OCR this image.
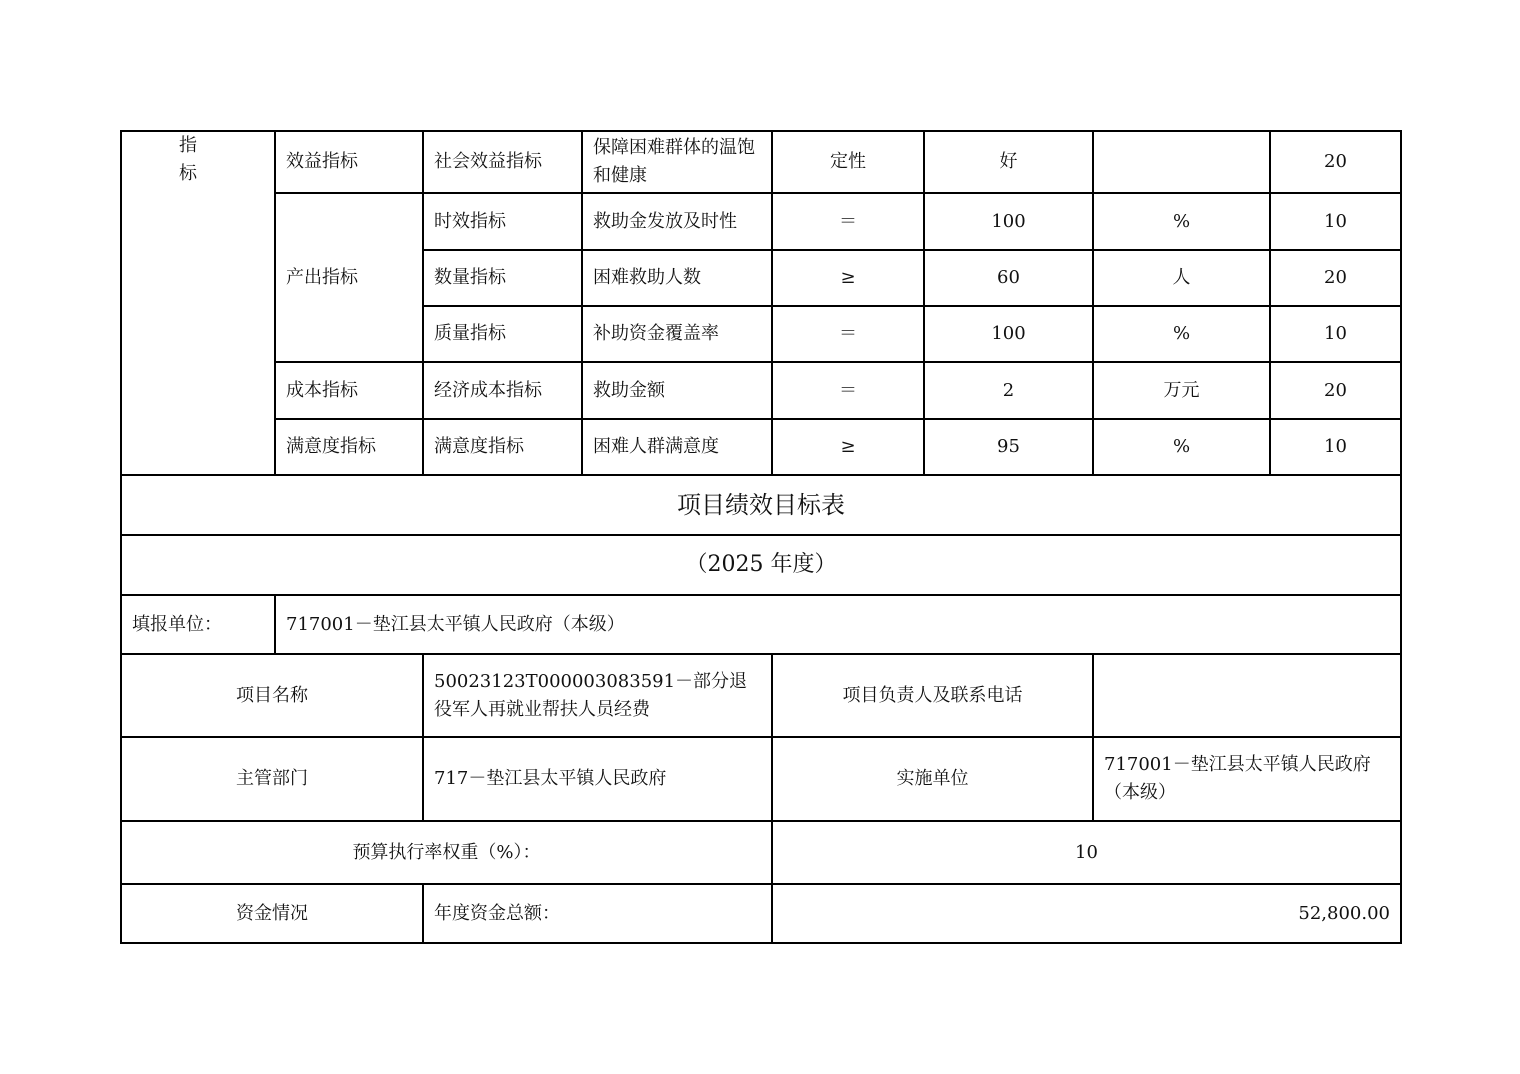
指
标	效益指标	社会效益指标	保障困难群体的温饱和健康	定性	好		20
	产出指标	时效指标	救助金发放及时性	＝	100	%	10
		数量指标	困难救助人数	≥	60	人	20
		质量指标	补助资金覆盖率	＝	100	%	10
	成本指标	经济成本指标	救助金额	＝	2	万元	20
	满意度指标	满意度指标	困难人群满意度	≥	95	%	10
项目绩效目标表							
（2025 年度）							
填报单位：	717001－垫江县太平镇人民政府（本级）						
项目名称		50023123T000003083591－部分退役军人再就业帮扶人员经费		项目负责人及联系电话			
主管部门		717－垫江县太平镇人民政府		实施单位		717001－垫江县太平镇人民政府（本级）	
预算执行率权重（%）：				10			
资金情况		年度资金总额：		52,800.00			
